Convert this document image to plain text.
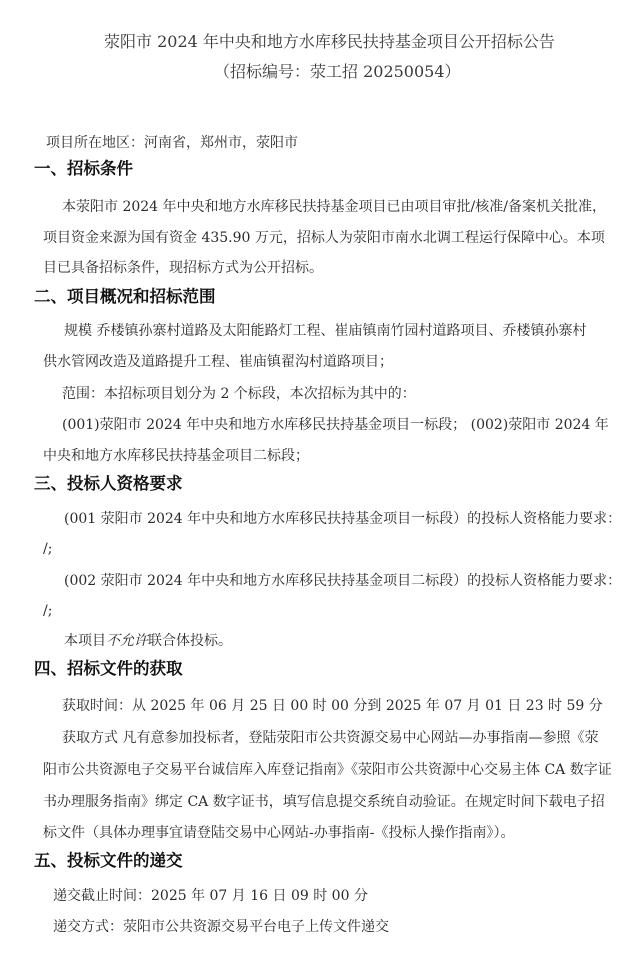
荥阳市 2024 年中央和地方水库移民扶持基金项目公开招标公告
（招标编号：荥工招 20250054）
项目所在地区：河南省，郑州市，荥阳市
一、招标条件
本荥阳市 2024 年中央和地方水库移民扶持基金项目已由项目审批/核准/备案机关批准，
项目资金来源为国有资金 435.90 万元，招标人为荥阳市南水北调工程运行保障中心。本项
目已具备招标条件，现招标方式为公开招标。
二、项目概况和招标范围
规模 乔楼镇孙寨村道路及太阳能路灯工程、崔庙镇南竹园村道路项目、乔楼镇孙寨村
供水管网改造及道路提升工程、崔庙镇翟沟村道路项目；
范围：本招标项目划分为 2 个标段，本次招标为其中的：
(001)荥阳市 2024 年中央和地方水库移民扶持基金项目一标段； (002)荥阳市 2024 年
中央和地方水库移民扶持基金项目二标段；
三、投标人资格要求
(001 荥阳市 2024 年中央和地方水库移民扶持基金项目一标段）的投标人资格能力要求：
/;
(002 荥阳市 2024 年中央和地方水库移民扶持基金项目二标段）的投标人资格能力要求：
/;
本项目不允许联合体投标。
四、招标文件的获取
获取时间：从 2025 年 06 月 25 日 00 时 00 分到 2025 年 07 月 01 日 23 时 59 分
获取方式 凡有意参加投标者，登陆荥阳市公共资源交易中心网站—办事指南—参照《荥
阳市公共资源电子交易平台诚信库入库登记指南》《荥阳市公共资源中心交易主体 CA 数字证
书办理服务指南》绑定 CA 数字证书，填写信息提交系统自动验证。在规定时间下载电子招
标文件（具体办理事宜请登陆交易中心网站-办事指南-《投标人操作指南》）。
五、投标文件的递交
递交截止时间：2025 年 07 月 16 日 09 时 00 分
递交方式：荥阳市公共资源交易平台电子上传文件递交
